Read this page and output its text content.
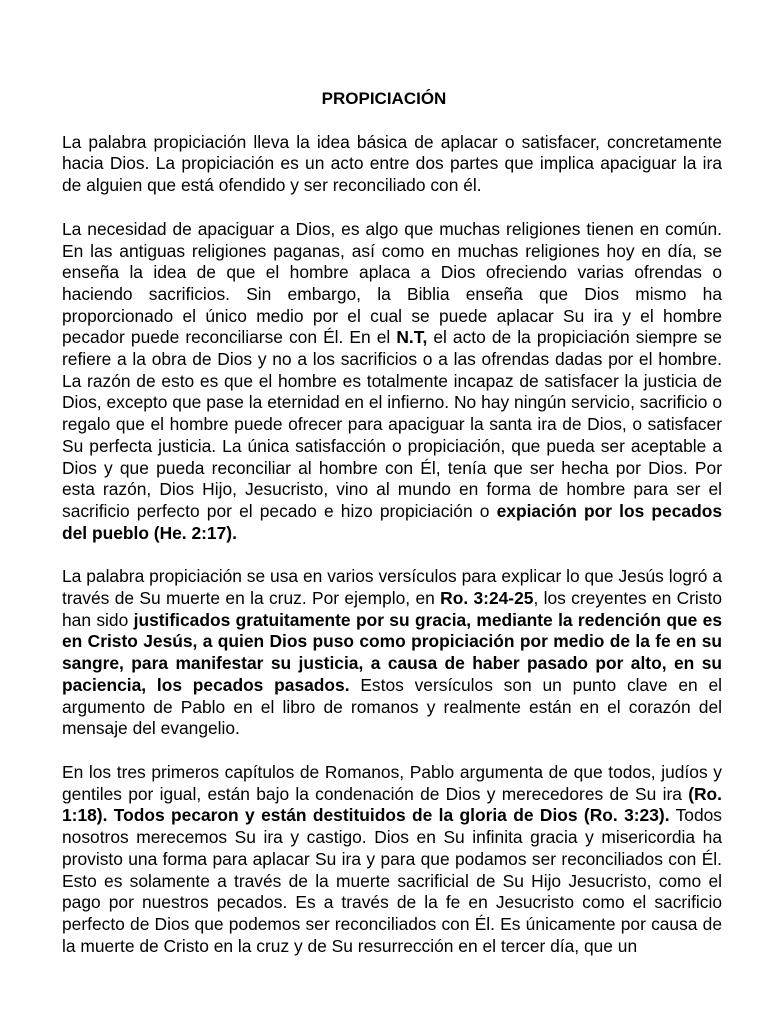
PROPICIACIÓN

La palabra propiciación lleva la idea básica de aplacar o satisfacer, concretamente hacia Dios. La propiciación es un acto entre dos partes que implica apaciguar la ira de alguien que está ofendido y ser reconciliado con él.

La necesidad de apaciguar a Dios, es algo que muchas religiones tienen en común. En las antiguas religiones paganas, así como en muchas religiones hoy en día, se enseña la idea de que el hombre aplaca a Dios ofreciendo varias ofrendas o haciendo sacrificios. Sin embargo, la Biblia enseña que Dios mismo ha proporcionado el único medio por el cual se puede aplacar Su ira y el hombre pecador puede reconciliarse con Él. En el N.T, el acto de la propiciación siempre se refiere a la obra de Dios y no a los sacrificios o a las ofrendas dadas por el hombre. La razón de esto es que el hombre es totalmente incapaz de satisfacer la justicia de Dios, excepto que pase la eternidad en el infierno. No hay ningún servicio, sacrificio o regalo que el hombre puede ofrecer para apaciguar la santa ira de Dios, o satisfacer Su perfecta justicia. La única satisfacción o propiciación, que pueda ser aceptable a Dios y que pueda reconciliar al hombre con Él, tenía que ser hecha por Dios. Por esta razón, Dios Hijo, Jesucristo, vino al mundo en forma de hombre para ser el sacrificio perfecto por el pecado e hizo propiciación o expiación por los pecados del pueblo (He. 2:17).

La palabra propiciación se usa en varios versículos para explicar lo que Jesús logró a través de Su muerte en la cruz. Por ejemplo, en Ro. 3:24-25, los creyentes en Cristo han sido justificados gratuitamente por su gracia, mediante la redención que es en Cristo Jesús, a quien Dios puso como propiciación por medio de la fe en su sangre, para manifestar su justicia, a causa de haber pasado por alto, en su paciencia, los pecados pasados. Estos versículos son un punto clave en el argumento de Pablo en el libro de romanos y realmente están en el corazón del mensaje del evangelio.

En los tres primeros capítulos de Romanos, Pablo argumenta de que todos, judíos y gentiles por igual, están bajo la condenación de Dios y merecedores de Su ira (Ro. 1:18). Todos pecaron y están destituidos de la gloria de Dios (Ro. 3:23). Todos nosotros merecemos Su ira y castigo. Dios en Su infinita gracia y misericordia ha provisto una forma para aplacar Su ira y para que podamos ser reconciliados con Él. Esto es solamente a través de la muerte sacrificial de Su Hijo Jesucristo, como el pago por nuestros pecados. Es a través de la fe en Jesucristo como el sacrificio perfecto de Dios que podemos ser reconciliados con Él. Es únicamente por causa de la muerte de Cristo en la cruz y de Su resurrección en el tercer día, que un
